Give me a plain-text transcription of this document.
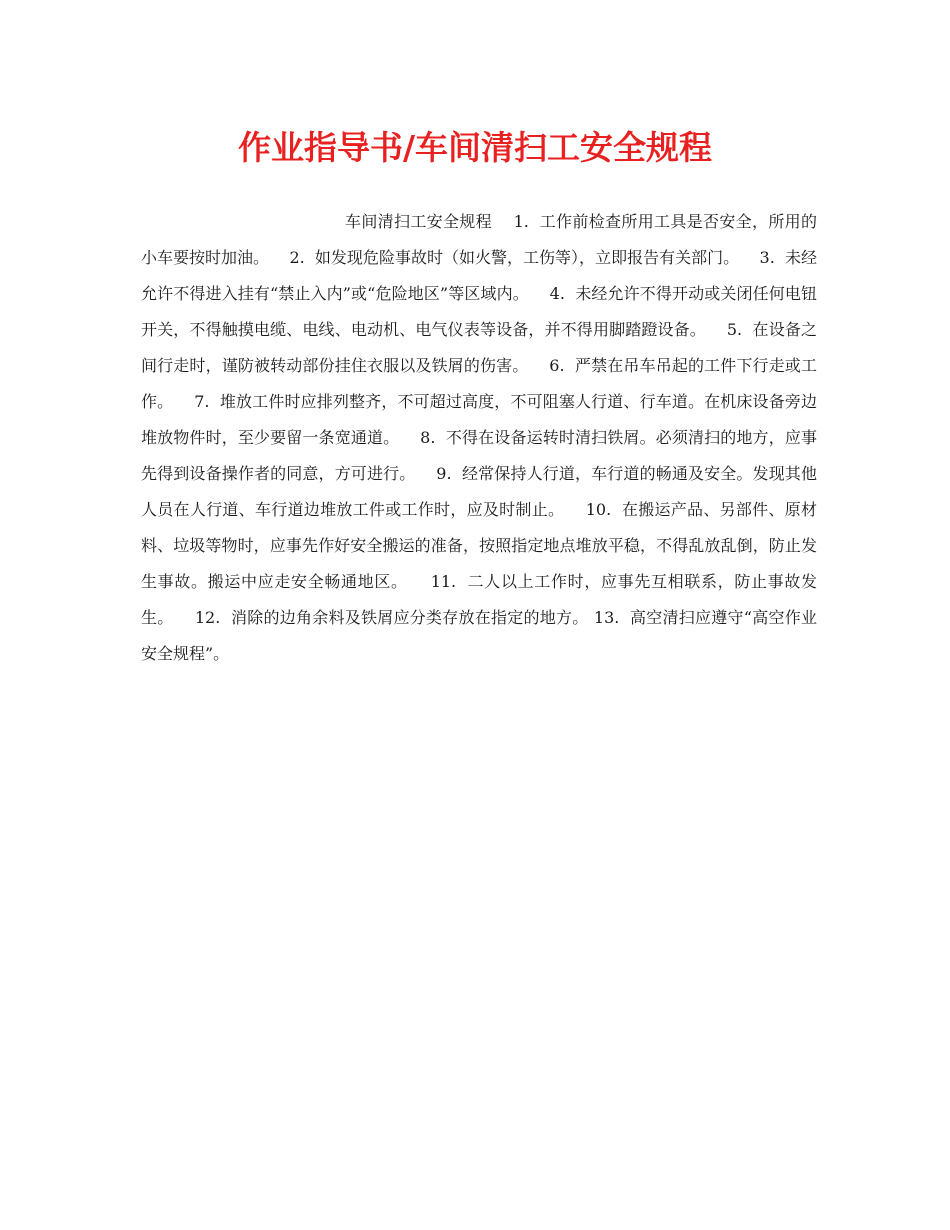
作业指导书/车间清扫工安全规程

车间清扫工安全规程    1.  工作前检查所用工具是否安全，所用的小车要按时加油。    2.  如发现危险事故时（如火警，工伤等），立即报告有关部门。    3.  未经允许不得进入挂有“禁止入内”或“危险地区”等区域内。    4.  未经允许不得开动或关闭任何电钮开关，不得触摸电缆、电线、电动机、电气仪表等设备，并不得用脚踏蹬设备。    5.  在设备之间行走时，谨防被转动部份挂住衣服以及铁屑的伤害。    6.  严禁在吊车吊起的工件下行走或工作。    7.  堆放工件时应排列整齐，不可超过高度，不可阻塞人行道、行车道。在机床设备旁边堆放物件时，至少要留一条宽通道。    8.  不得在设备运转时清扫铁屑。必须清扫的地方，应事先得到设备操作者的同意，方可进行。    9.  经常保持人行道，车行道的畅通及安全。发现其他人员在人行道、车行道边堆放工件或工作时，应及时制止。    10.  在搬运产品、另部件、原材料、垃圾等物时，应事先作好安全搬运的准备，按照指定地点堆放平稳，不得乱放乱倒，防止发生事故。搬运中应走安全畅通地区。    11.  二人以上工作时，应事先互相联系，防止事故发生。    12.  消除的边角余料及铁屑应分类存放在指定的地方。 13.  高空清扫应遵守“高空作业安全规程”。
